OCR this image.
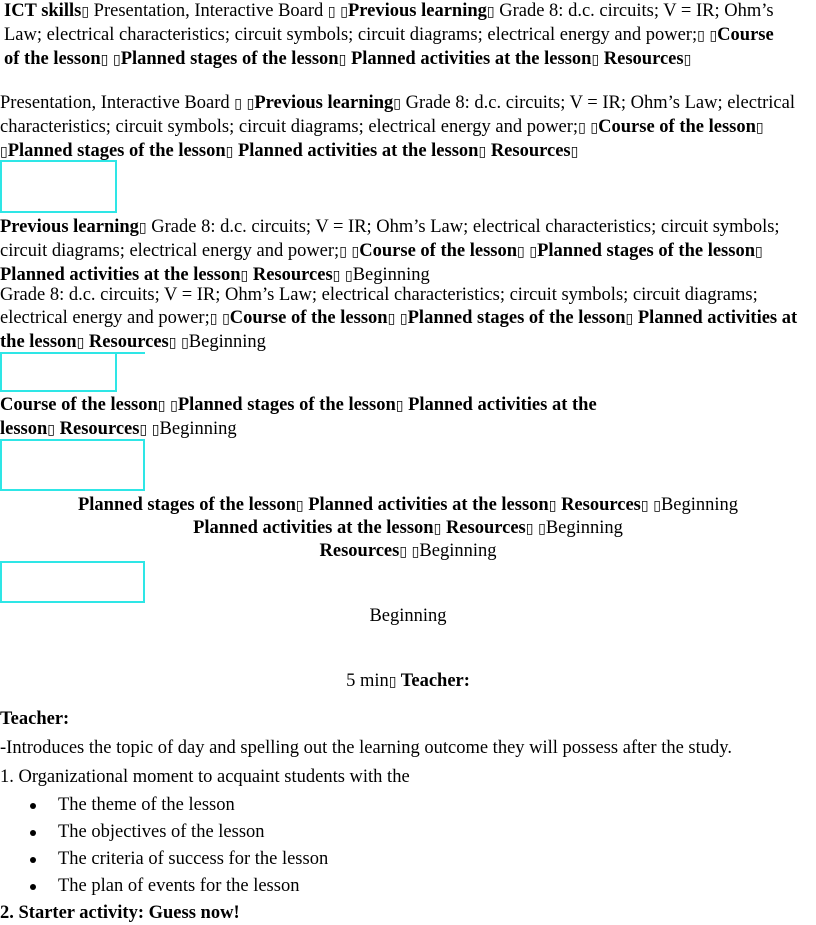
ICT skills▯ Presentation, Interactive Board ▯ ▯Previous learning▯ Grade 8: d.c. circuits; V = IR; Ohm’s Law; electrical characteristics; circuit symbols; circuit diagrams; electrical energy and power;▯ ▯Course of the lesson▯ ▯Planned stages of the lesson▯ Planned activities at the lesson▯ Resources▯
Presentation, Interactive Board ▯ ▯Previous learning▯ Grade 8: d.c. circuits; V = IR; Ohm’s Law; electrical characteristics; circuit symbols; circuit diagrams; electrical energy and power;▯ ▯Course of the lesson▯ ▯Planned stages of the lesson▯ Planned activities at the lesson▯ Resources▯
Previous learning▯ Grade 8: d.c. circuits; V = IR; Ohm’s Law; electrical characteristics; circuit symbols; circuit diagrams; electrical energy and power;▯ ▯Course of the lesson▯ ▯Planned stages of the lesson▯ Planned activities at the lesson▯ Resources▯ ▯Beginning
Grade 8: d.c. circuits; V = IR; Ohm’s Law; electrical characteristics; circuit symbols; circuit diagrams; electrical energy and power;▯ ▯Course of the lesson▯ ▯Planned stages of the lesson▯ Planned activities at the lesson▯ Resources▯ ▯Beginning
Course of the lesson▯ ▯Planned stages of the lesson▯ Planned activities at the
lesson▯ Resources▯ ▯Beginning
Planned stages of the lesson▯ Planned activities at the lesson▯ Resources▯ ▯Beginning
Planned activities at the lesson▯ Resources▯ ▯Beginning
Resources▯ ▯Beginning
Beginning
5 min▯ Teacher:
Teacher:
-Introduces the topic of day and spelling out the learning outcome they will possess after the study.
1. Organizational moment to acquaint students with the
The theme of the lesson
The objectives of the lesson
The criteria of success for the lesson
The plan of events for the lesson
2. Starter activity: Guess now!
